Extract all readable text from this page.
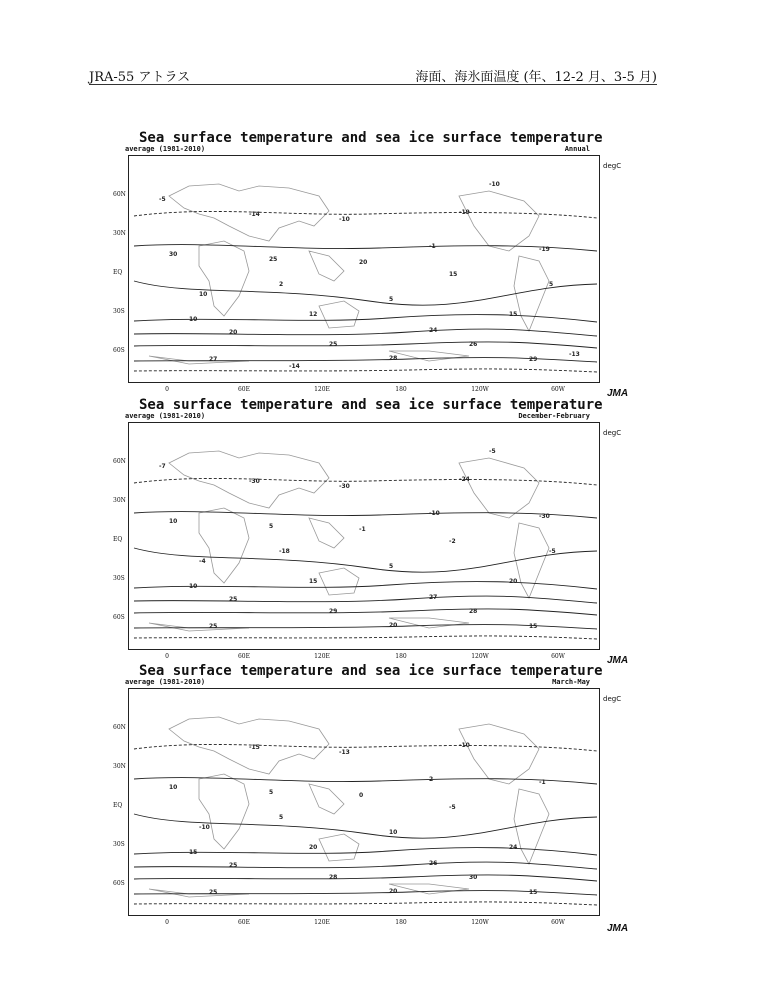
JRA-55 アトラス	海面、海氷面温度 (年、12-2 月、3-5 月)
Sea surface temperature and sea ice surface temperature
average (1981-2010)	Annual
-14
-10
-19
-19
-1
2
5
10
12	15
20	24
25	26
27	28	29
30
25	20
15
10
5
-5
-10
-13
-14
degC
60N
30N
EQ
30S
60S
0	60E	120E	180	120W	60W	JMA
Sea surface temperature and sea ice surface temperature
average (1981-2010)	December-February
-30
-30
-24
-30
-10
-18
5
10
15	20
25	27
29	28
25	20	15
10
5	-1
-2
-4
-5
-7
-5
degC
60N
30N
EQ
30S
60S
0	60E	120E	180	120W	60W	JMA
Sea surface temperature and sea ice surface temperature
average (1981-2010)	March-May
-15
-13
-10
-1
2
5
10
15
20	24
25	26
28	30
25	20	15
10
5	0
-5
-10
degC
60N
30N
EQ
30S
60S
0	60E	120E	180	120W	60W
JMA
